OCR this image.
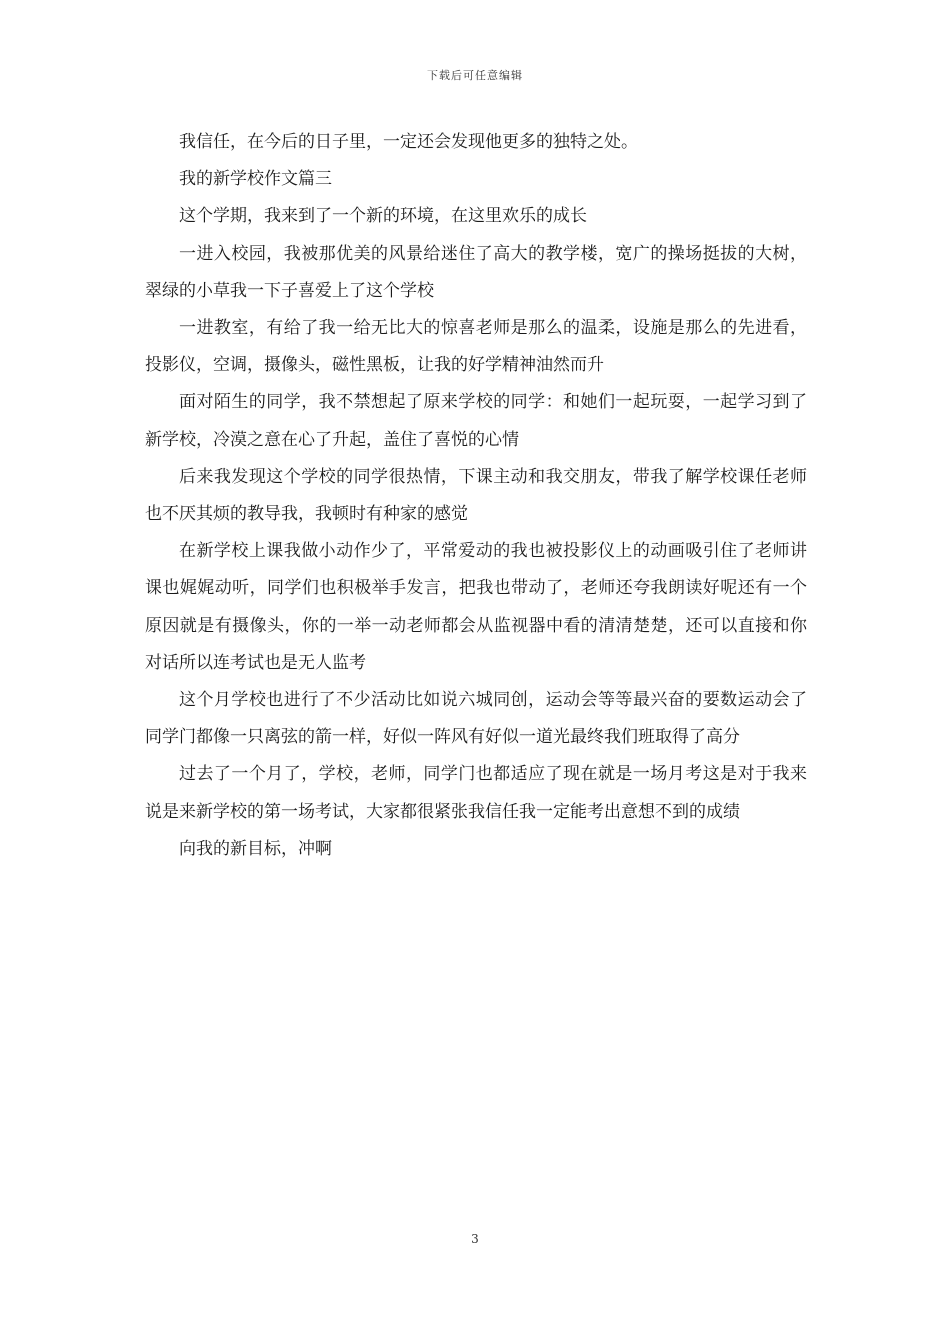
下载后可任意编辑

我信任，在今后的日子里，一定还会发现他更多的独特之处。

我的新学校作文篇三

这个学期，我来到了一个新的环境，在这里欢乐的成长

一进入校园，我被那优美的风景给迷住了高大的教学楼，宽广的操场挺拔的大树，翠绿的小草我一下子喜爱上了这个学校

一进教室，有给了我一给无比大的惊喜老师是那么的温柔，设施是那么的先进看，投影仪，空调，摄像头，磁性黑板，让我的好学精神油然而升

面对陌生的同学，我不禁想起了原来学校的同学：和她们一起玩耍，一起学习到了新学校，冷漠之意在心了升起，盖住了喜悦的心情

后来我发现这个学校的同学很热情，下课主动和我交朋友，带我了解学校课任老师也不厌其烦的教导我，我顿时有种家的感觉

在新学校上课我做小动作少了，平常爱动的我也被投影仪上的动画吸引住了老师讲课也娓娓动听，同学们也积极举手发言，把我也带动了，老师还夸我朗读好呢还有一个原因就是有摄像头，你的一举一动老师都会从监视器中看的清清楚楚，还可以直接和你对话所以连考试也是无人监考

这个月学校也进行了不少活动比如说六城同创，运动会等等最兴奋的要数运动会了同学门都像一只离弦的箭一样，好似一阵风有好似一道光最终我们班取得了高分

过去了一个月了，学校，老师，同学门也都适应了现在就是一场月考这是对于我来说是来新学校的第一场考试，大家都很紧张我信任我一定能考出意想不到的成绩

向我的新目标，冲啊

3
